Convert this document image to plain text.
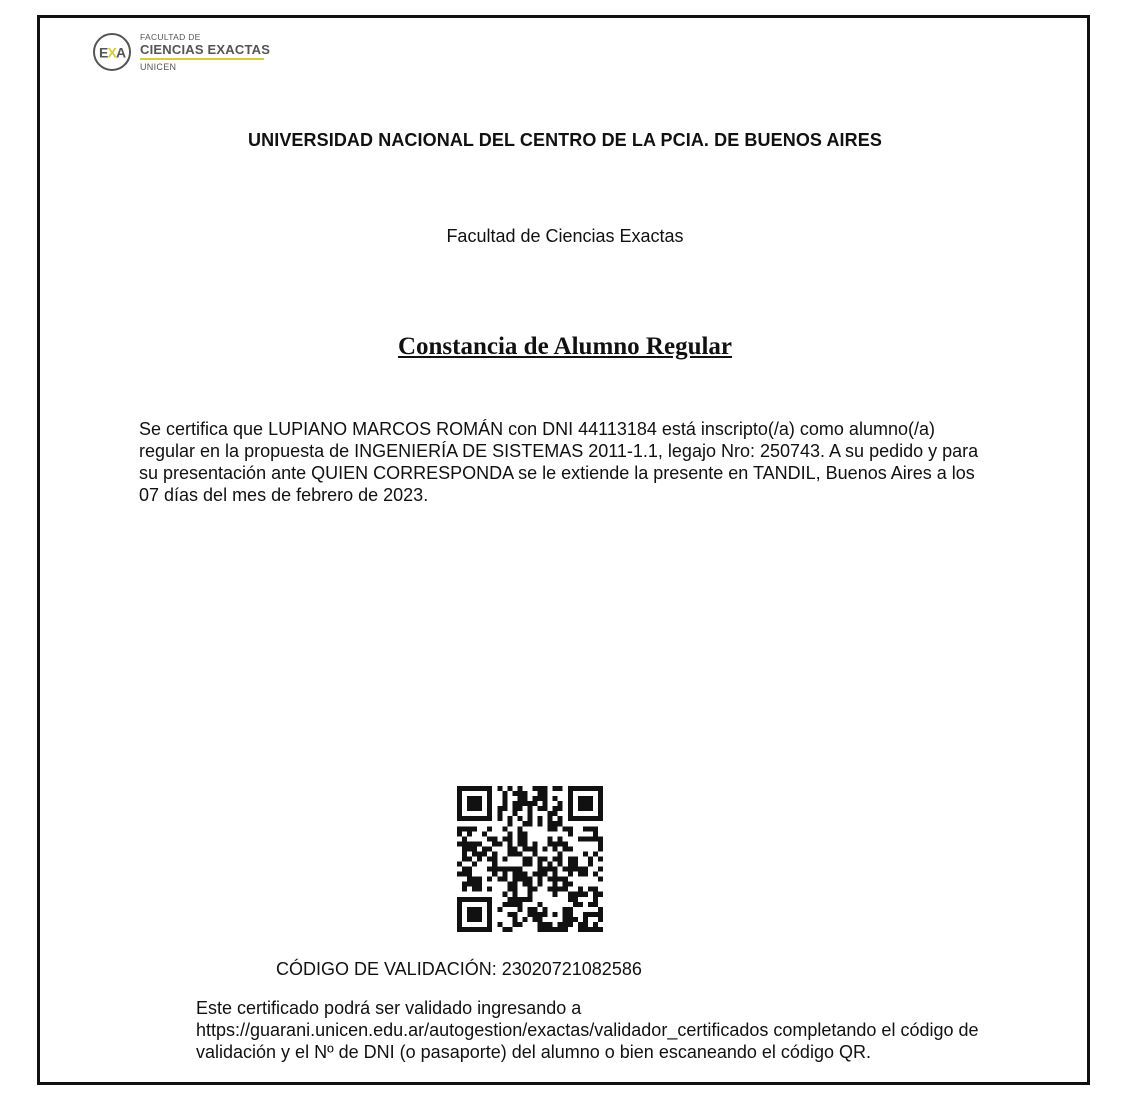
E X A
FACULTAD DE
CIENCIAS EXACTAS
UNICEN
UNIVERSIDAD NACIONAL DEL CENTRO DE LA PCIA. DE BUENOS AIRES
Facultad de Ciencias Exactas
Constancia de Alumno Regular

Se certifica que LUPIANO MARCOS ROMÁN con DNI 44113184 está inscripto(/a) como alumno(/a) regular en la propuesta de INGENIERÍA DE SISTEMAS 2011-1.1, legajo Nro: 250743. A su pedido y para su presentación ante QUIEN CORRESPONDA se le extiende la presente en TANDIL, Buenos Aires a los 07 días del mes de febrero de 2023.

CÓDIGO DE VALIDACIÓN: 23020721082586

Este certificado podrá ser validado ingresando a https://guarani.unicen.edu.ar/autogestion/exactas/validador_certificados completando el código de validación y el Nº de DNI (o pasaporte) del alumno o bien escaneando el código QR.
